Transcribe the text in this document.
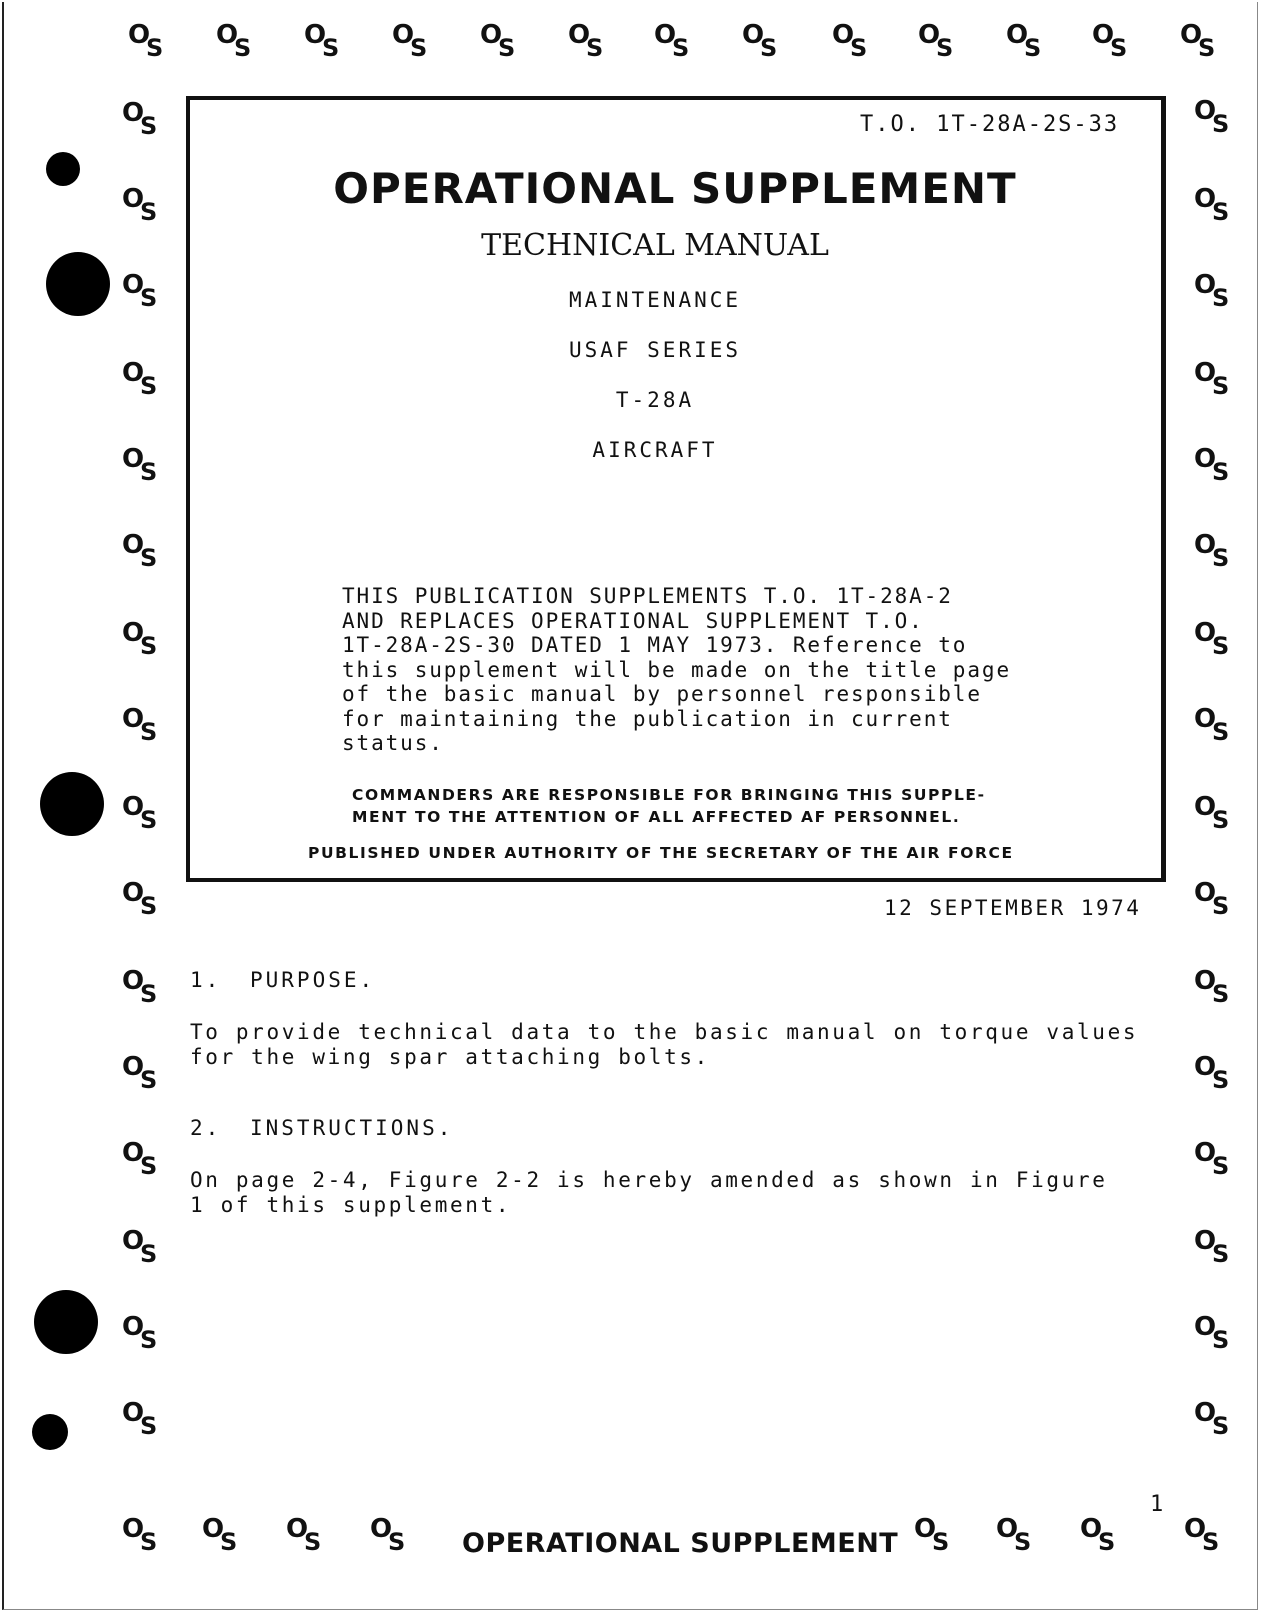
O
S O
S O
S O
S O
S O
S O
S O
S O
S O
S O
S O
S O
S
O
S
O
S
O
S
O
S
O
S
O
S
O
S
O
S
O
S
O
S
O
S
O
S
O
S
O
S
O
S
O
S
O
S
O
S
O
S
O
S
O
S
O
S
O
S
O
S
O
S
O
S
O
S
O
S
O
S
O
S
O
S
O
S
O
S O
S O
S O
S	O
S O
S O
S	O
S
T.O. 1T-28A-2S-33
OPERATIONAL SUPPLEMENT
TECHNICAL MANUAL
MAINTENANCE
USAF SERIES
T-28A
AIRCRAFT
THIS PUBLICATION SUPPLEMENTS T.O. 1T-28A-2
AND REPLACES OPERATIONAL SUPPLEMENT T.O.
1T-28A-2S-30 DATED 1 MAY 1973. Reference to
this supplement will be made on the title page
of the basic manual by personnel responsible
for maintaining the publication in current
status.
COMMANDERS ARE RESPONSIBLE FOR BRINGING THIS SUPPLE-
MENT TO THE ATTENTION OF ALL AFFECTED AF PERSONNEL.
PUBLISHED UNDER AUTHORITY OF THE SECRETARY OF THE AIR FORCE
12 SEPTEMBER 1974
1. PURPOSE.
To provide technical data to the basic manual on torque values
for the wing spar attaching bolts.
2. INSTRUCTIONS.
On page 2-4, Figure 2-2 is hereby amended as shown in Figure
1 of this supplement.
1
OPERATIONAL SUPPLEMENT
